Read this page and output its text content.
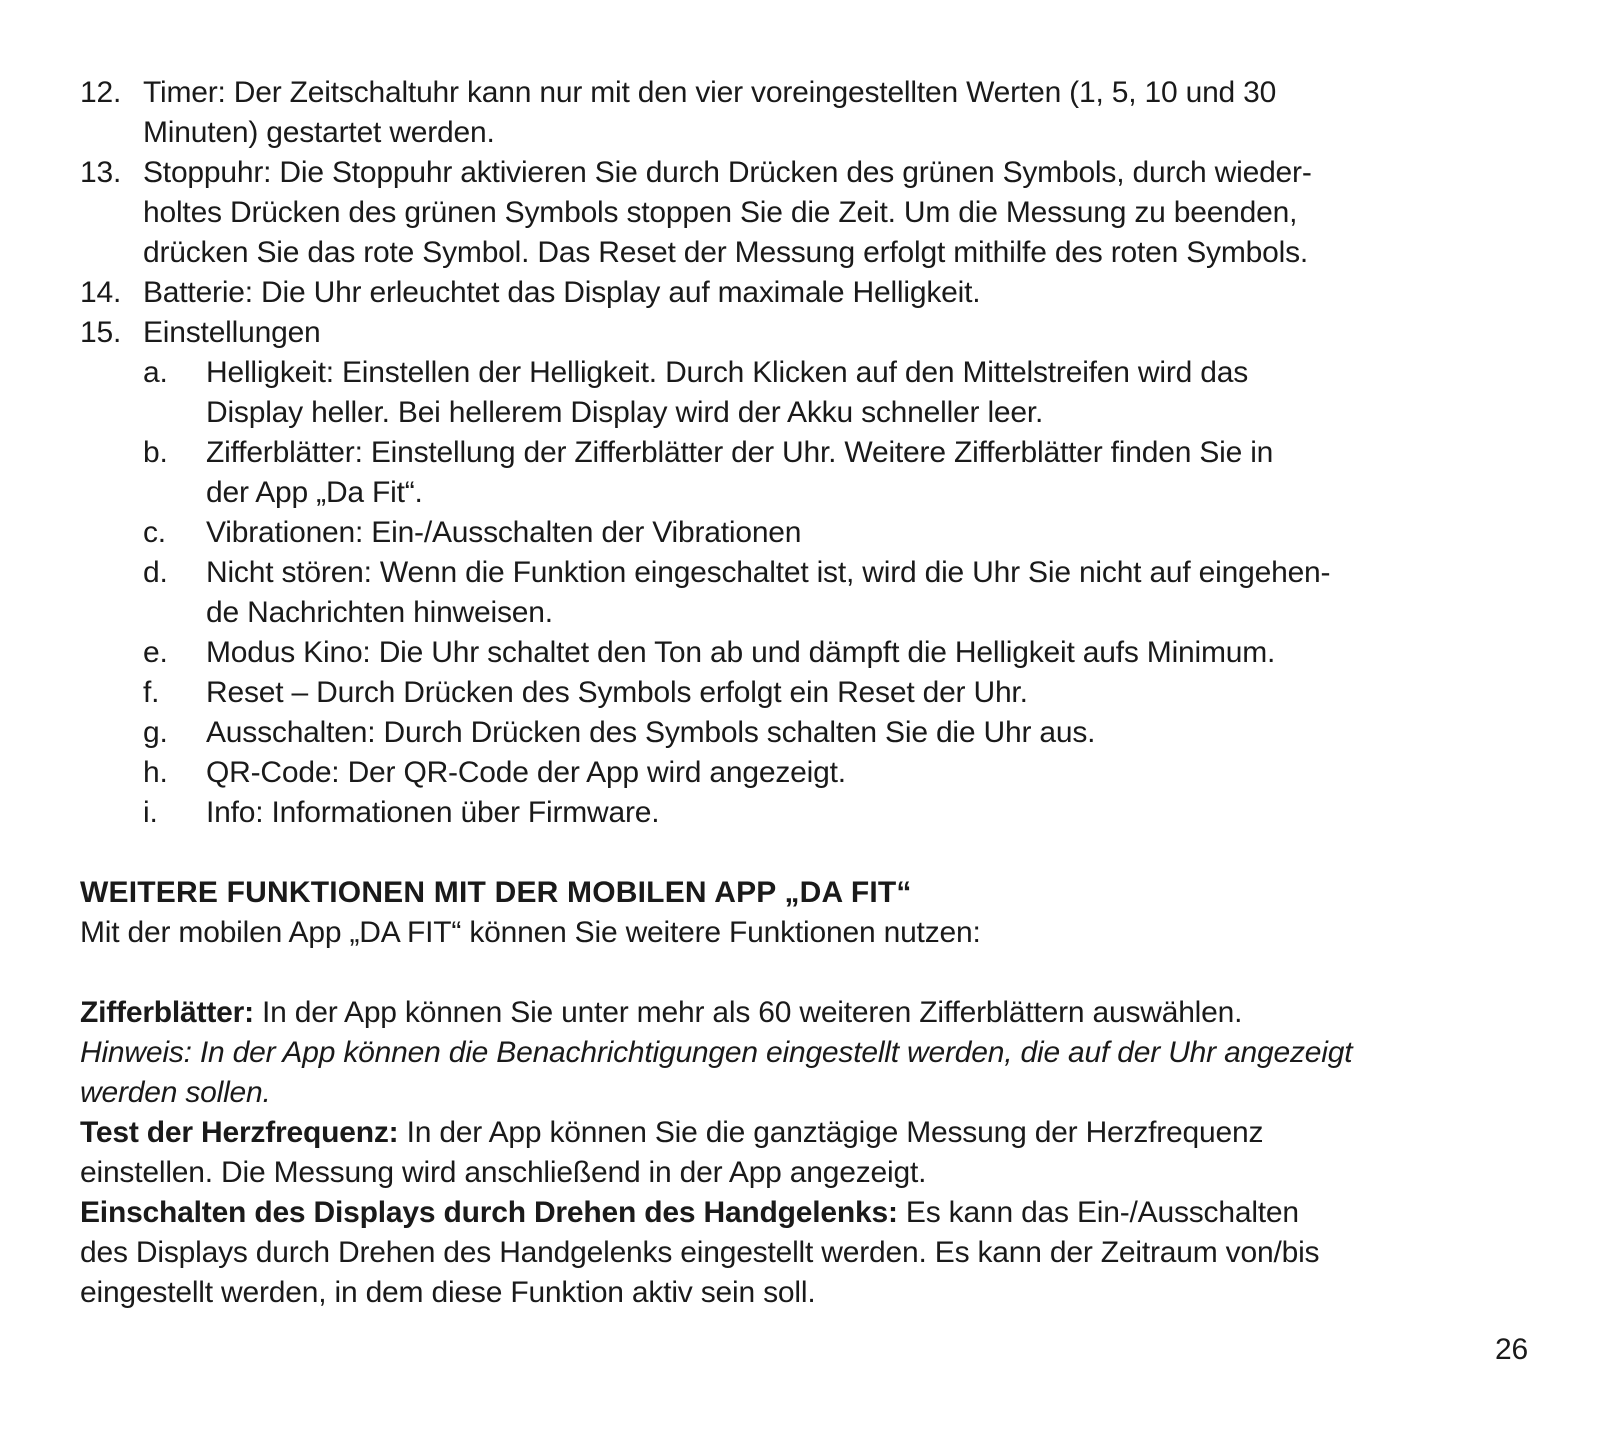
12. Timer: Der Zeitschaltuhr kann nur mit den vier voreingestellten Werten (1, 5, 10 und 30
Minuten) gestartet werden.
13. Stoppuhr: Die Stoppuhr aktivieren Sie durch Drücken des grünen Symbols, durch wieder-
holtes Drücken des grünen Symbols stoppen Sie die Zeit. Um die Messung zu beenden,
drücken Sie das rote Symbol. Das Reset der Messung erfolgt mithilfe des roten Symbols.
14. Batterie: Die Uhr erleuchtet das Display auf maximale Helligkeit.
15. Einstellungen
a. Helligkeit: Einstellen der Helligkeit. Durch Klicken auf den Mittelstreifen wird das
Display heller. Bei hellerem Display wird der Akku schneller leer.
b. Zifferblätter: Einstellung der Zifferblätter der Uhr. Weitere Zifferblätter finden Sie in
der App „Da Fit“.
c. Vibrationen: Ein-/Ausschalten der Vibrationen
d. Nicht stören: Wenn die Funktion eingeschaltet ist, wird die Uhr Sie nicht auf eingehen-
de Nachrichten hinweisen.
e. Modus Kino: Die Uhr schaltet den Ton ab und dämpft die Helligkeit aufs Minimum.
f. Reset – Durch Drücken des Symbols erfolgt ein Reset der Uhr.
g. Ausschalten: Durch Drücken des Symbols schalten Sie die Uhr aus.
h. QR-Code: Der QR-Code der App wird angezeigt.
i. Info: Informationen über Firmware.
WEITERE FUNKTIONEN MIT DER MOBILEN APP „DA FIT“
Mit der mobilen App „DA FIT“ können Sie weitere Funktionen nutzen:
Zifferblätter: In der App können Sie unter mehr als 60 weiteren Zifferblättern auswählen.
Hinweis: In der App können die Benachrichtigungen eingestellt werden, die auf der Uhr angezeigt
werden sollen.
Test der Herzfrequenz: In der App können Sie die ganztägige Messung der Herzfrequenz
einstellen. Die Messung wird anschließend in der App angezeigt.
Einschalten des Displays durch Drehen des Handgelenks: Es kann das Ein-/Ausschalten
des Displays durch Drehen des Handgelenks eingestellt werden. Es kann der Zeitraum von/bis
eingestellt werden, in dem diese Funktion aktiv sein soll.
26
